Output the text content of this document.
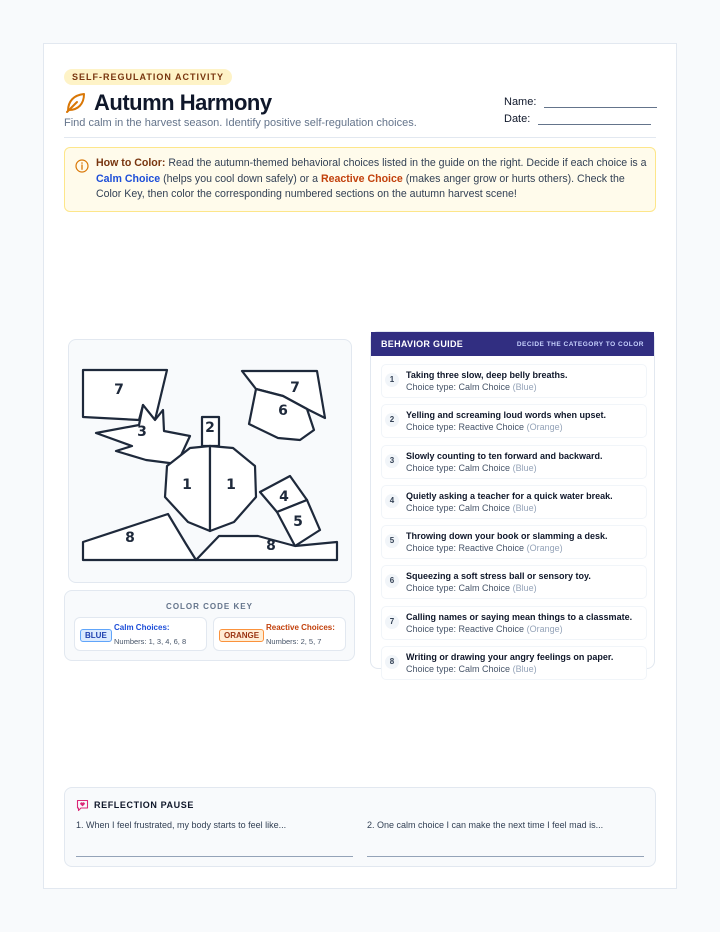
SELF-REGULATION ACTIVITY
Autumn Harmony
Find calm in the harvest season. Identify positive self-regulation choices.
Name:
Date:

How to Color: Read the autumn-themed behavioral choices listed in the guide on the right. Decide if each choice is a Calm Choice (helps you cool down safely) or a Reactive Choice (makes anger grow or hurts others). Check the Color Key, then color the corresponding numbered sections on the autumn harvest scene!

7
3	2
7
6
1 1
4
5
8	8
COLOR CODE KEY
BLUE
Calm Choices:
Numbers: 1, 3, 4, 6, 8
ORANGE
Reactive Choices:
Numbers: 2, 5, 7
BEHAVIOR GUIDE	DECIDE THE CATEGORY TO COLOR
1	Taking three slow, deep belly breaths.
Choice type: Calm Choice (Blue)
2	Yelling and screaming loud words when upset.
Choice type: Reactive Choice (Orange)
3	Slowly counting to ten forward and backward.
Choice type: Calm Choice (Blue)
4	Quietly asking a teacher for a quick water break.
Choice type: Calm Choice (Blue)
5	Throwing down your book or slamming a desk.
Choice type: Reactive Choice (Orange)
6	Squeezing a soft stress ball or sensory toy.
Choice type: Calm Choice (Blue)
7	Calling names or saying mean things to a classmate.
Choice type: Reactive Choice (Orange)
8	Writing or drawing your angry feelings on paper.
Choice type: Calm Choice (Blue)
REFLECTION PAUSE
1. When I feel frustrated, my body starts to feel like...	2. One calm choice I can make the next time I feel mad is...
